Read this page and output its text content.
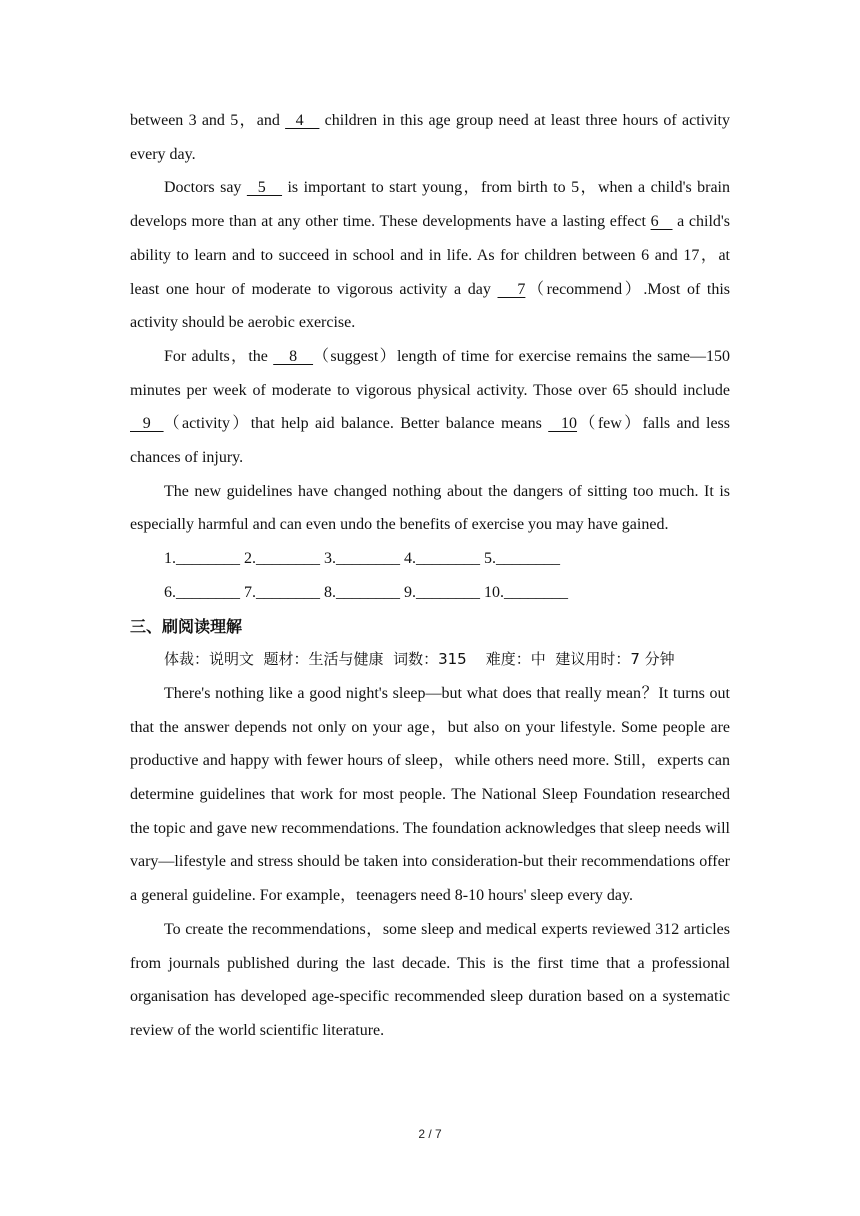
between 3 and 5，and   4    children in this age group need at least three hours of activity every day.

Doctors say   5    is important to start young，from birth to 5，when a child's brain develops more than at any other time. These developments have a lasting effect 6    a child's ability to learn and to succeed in school and in life. As for children between 6 and 17，at least one hour of moderate to vigorous activity a day    7（recommend）.Most of this activity should be aerobic exercise.

For adults，the    8   （suggest）length of time for exercise remains the same—150 minutes per week of moderate to vigorous physical activity. Those over 65 should include   9  （activity）that help aid balance. Better balance means   10（few）falls and less chances of injury.

The new guidelines have changed nothing about the dangers of sitting too much. It is especially harmful and can even undo the benefits of exercise you may have gained.

1.________ 2.________ 3.________ 4.________ 5.________

6.________ 7.________ 8.________ 9.________ 10.________

三、刷阅读理解

体裁：说明文  题材：生活与健康  词数：315    难度：中  建议用时：7 分钟

There's nothing like a good night's sleep—but what does that really mean？It turns out that the answer depends not only on your age，but also on your lifestyle. Some people are productive and happy with fewer hours of sleep，while others need more. Still，experts can determine guidelines that work for most people. The National Sleep Foundation researched the topic and gave new recommendations. The foundation acknowledges that sleep needs will vary—lifestyle and stress should be taken into consideration-but their recommendations offer a general guideline. For example，teenagers need 8-10 hours' sleep every day.

To create the recommendations，some sleep and medical experts reviewed 312 articles from journals published during the last decade. This is the first time that a professional organisation has developed age-specific recommended sleep duration based on a systematic review of the world scientific literature.

2 / 7
